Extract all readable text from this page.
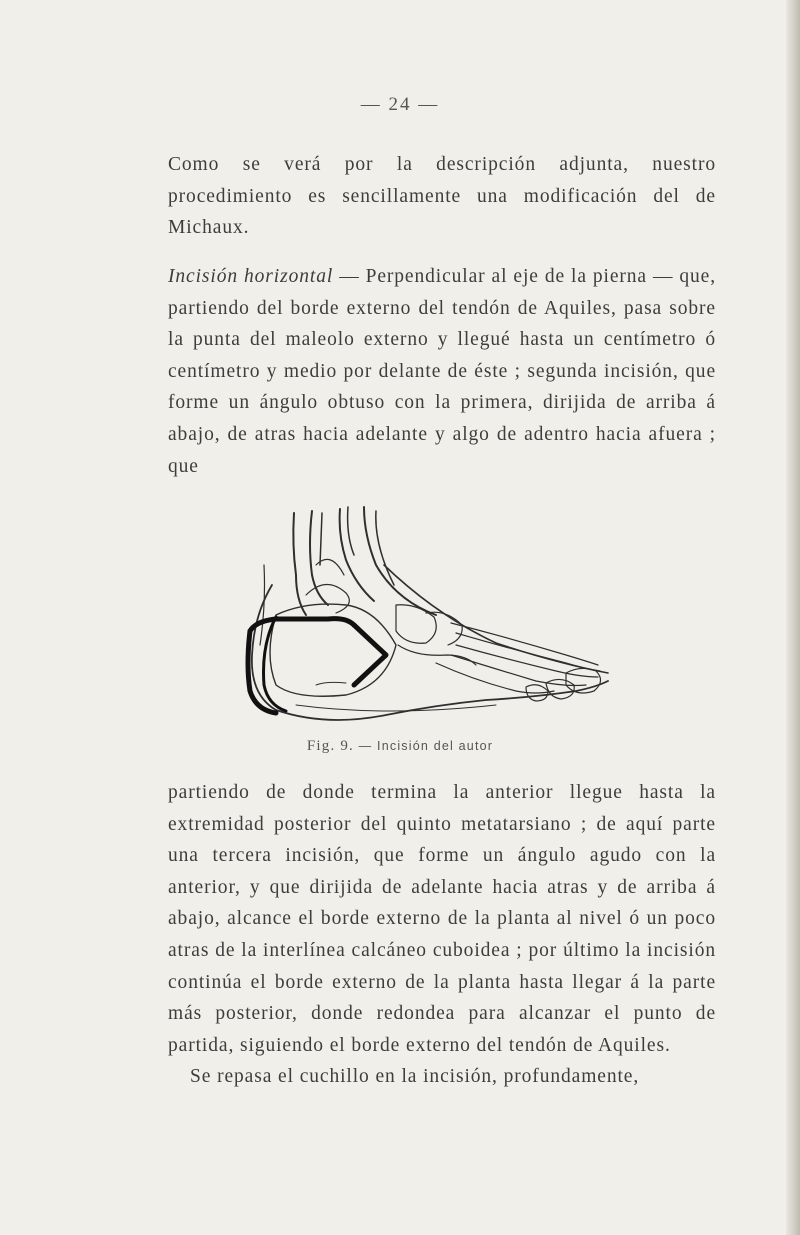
— 24 —

Como se verá por la descripción adjunta, nuestro procedimiento es sencillamente una modificación del de Michaux.

Incisión horizontal — Perpendicular al eje de la pierna — que, partiendo del borde externo del tendón de Aquiles, pasa sobre la punta del maleolo externo y llegué hasta un centímetro ó centímetro y medio por delante de éste ; segunda incisión, que forme un ángulo obtuso con la primera, dirijida de arriba á abajo, de atras hacia adelante y algo de adentro hacia afuera ; que

Fig. 9. — Incisión del autor

partiendo de donde termina la anterior llegue hasta la extremidad posterior del quinto metatarsiano ; de aquí parte una tercera incisión, que forme un ángulo agudo con la anterior, y que dirijida de adelante hacia atras y de arriba á abajo, alcance el borde externo de la planta al nivel ó un poco atras de la interlínea calcáneo cuboidea ; por último la incisión continúa el borde externo de la planta hasta llegar á la parte más posterior, donde redondea para alcanzar el punto de partida, siguiendo el borde externo del tendón de Aquiles.

Se repasa el cuchillo en la incisión, profundamente,
